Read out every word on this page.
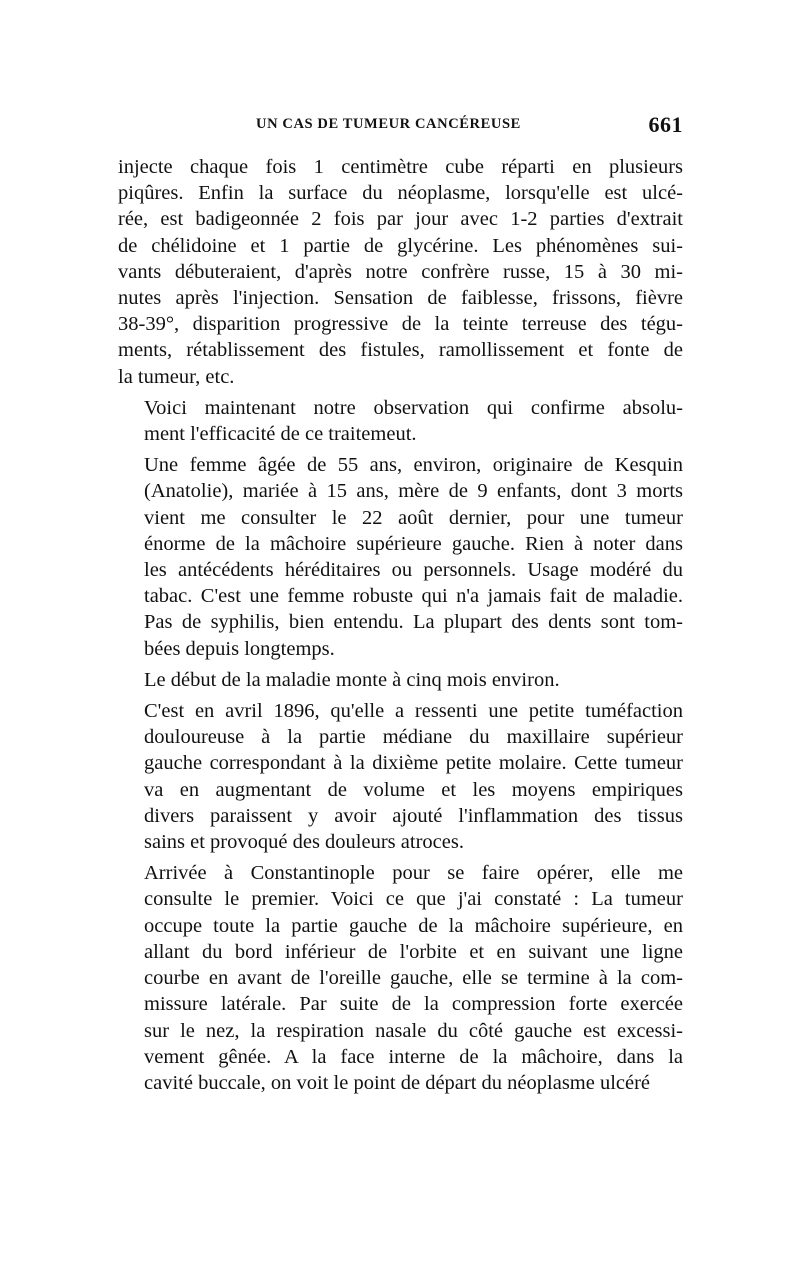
UN CAS DE TUMEUR CANCÉREUSE	661

injecte chaque fois 1 centimètre cube réparti en plusieurs
piqûres. Enfin la surface du néoplasme, lorsqu'elle est ulcé-
rée, est badigeonnée 2 fois par jour avec 1-2 parties d'extrait
de chélidoine et 1 partie de glycérine. Les phénomènes sui-
vants débuteraient, d'après notre confrère russe, 15 à 30 mi-
nutes après l'injection. Sensation de faiblesse, frissons, fièvre
38-39°, disparition progressive de la teinte terreuse des tégu-
ments, rétablissement des fistules, ramollissement et fonte de
la tumeur, etc.

Voici maintenant notre observation qui confirme absolu-
ment l'efficacité de ce traitemeut.

Une femme âgée de 55 ans, environ, originaire de Kesquin
(Anatolie), mariée à 15 ans, mère de 9 enfants, dont 3 morts
vient me consulter le 22 août dernier, pour une tumeur
énorme de la mâchoire supérieure gauche. Rien à noter dans
les antécédents héréditaires ou personnels. Usage modéré du
tabac. C'est une femme robuste qui n'a jamais fait de maladie.
Pas de syphilis, bien entendu. La plupart des dents sont tom-
bées depuis longtemps.

Le début de la maladie monte à cinq mois environ.

C'est en avril 1896, qu'elle a ressenti une petite tuméfaction
douloureuse à la partie médiane du maxillaire supérieur
gauche correspondant à la dixième petite molaire. Cette tumeur
va en augmentant de volume et les moyens empiriques
divers paraissent y avoir ajouté l'inflammation des tissus
sains et provoqué des douleurs atroces.

Arrivée à Constantinople pour se faire opérer, elle me
consulte le premier. Voici ce que j'ai constaté : La tumeur
occupe toute la partie gauche de la mâchoire supérieure, en
allant du bord inférieur de l'orbite et en suivant une ligne
courbe en avant de l'oreille gauche, elle se termine à la com-
missure latérale. Par suite de la compression forte exercée
sur le nez, la respiration nasale du côté gauche est excessi-
vement gênée. A la face interne de la mâchoire, dans la
cavité buccale, on voit le point de départ du néoplasme ulcéré
